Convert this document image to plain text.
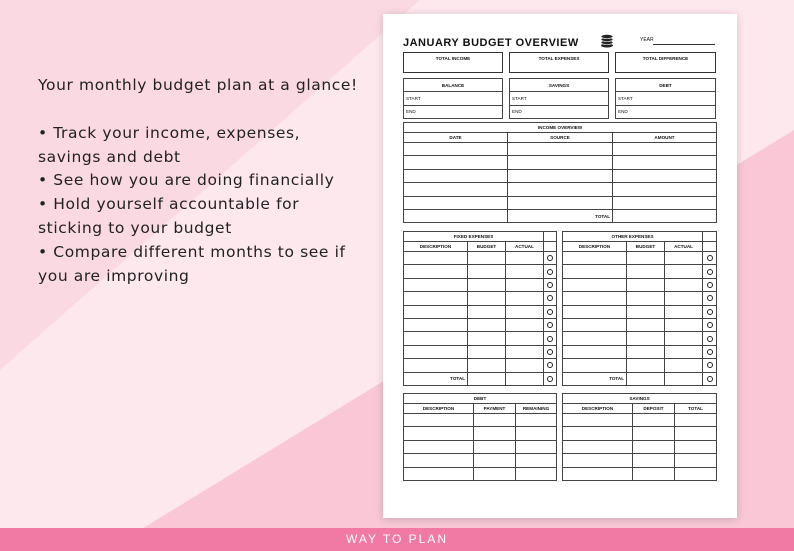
Your monthly budget plan at a glance!
• Track your income, expenses, savings and debt
• See how you are doing financially
• Hold yourself accountable for sticking to your budget
• Compare different months to see if you are improving
WAY TO PLAN
JANUARY BUDGET OVERVIEW	YEAR
TOTAL INCOME	TOTAL EXPENSES	TOTAL DIFFERENCE
BALANCE
START
END
SAVINGS
START
END
DEBT
START
END
INCOME OVERVIEW		
DATE	SOURCE	AMOUNT

	TOTAL	
FIXED EXPENSES			
DESCRIPTION	BUDGET	ACTUAL	

TOTAL			
OTHER EXPENSES			
DESCRIPTION	BUDGET	ACTUAL	

TOTAL			
DEBT		
DESCRIPTION	PAYMENT	REMAINING

SAVINGS		
DESCRIPTION	DEPOSIT	TOTAL
